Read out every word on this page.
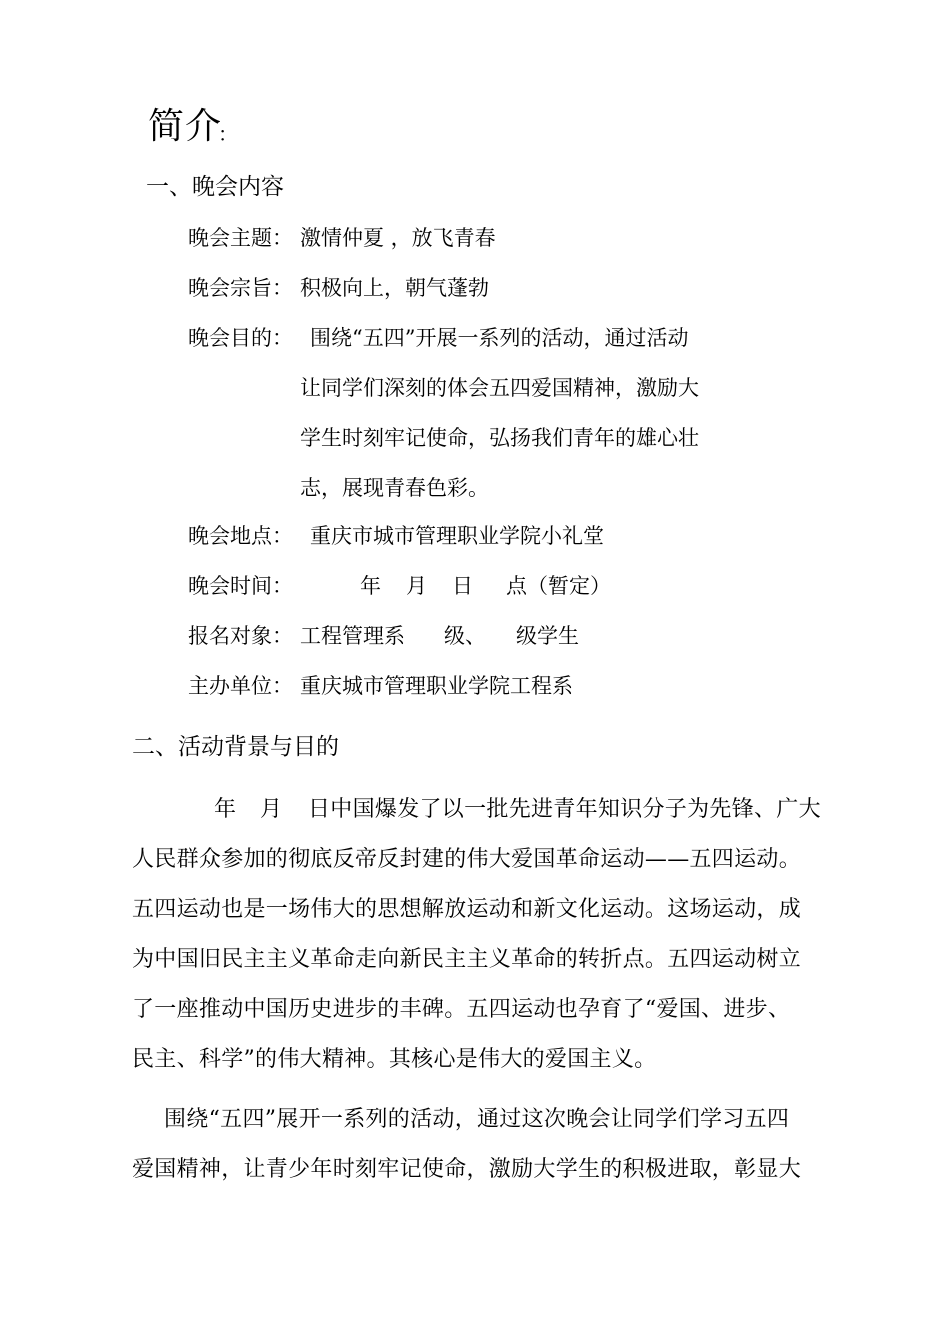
简介
：
一、晚会内容
晚会主题： 激情仲夏 ，放飞青春
晚会宗旨： 积极向上，朝气蓬勃
晚会目的： 围绕“五四”开展一系列的活动，通过活动
让同学们深刻的体会五四爱国精神，激励大
学生时刻牢记使命，弘扬我们青年的雄心壮
志，展现青春色彩。
晚会地点： 重庆市城市管理职业学院小礼堂
晚会时间：	年 月 日 点（暂定）
报名对象： 工程管理系 级、 级学生
主办单位： 重庆城市管理职业学院工程系
二、活动背景与目的
年 月 日中国爆发了以一批先进青年知识分子为先锋、广大
人民群众参加的彻底反帝反封建的伟大爱国革命运动——五四运动。
五四运动也是一场伟大的思想解放运动和新文化运动。这场运动，成
为中国旧民主主义革命走向新民主主义革命的转折点。五四运动树立
了一座推动中国历史进步的丰碑。五四运动也孕育了“爱国、进步、
民主、科学”的伟大精神。其核心是伟大的爱国主义。
围绕“五四”展开一系列的活动，通过这次晚会让同学们学习五四
爱国精神，让青少年时刻牢记使命，激励大学生的积极进取，彰显大
